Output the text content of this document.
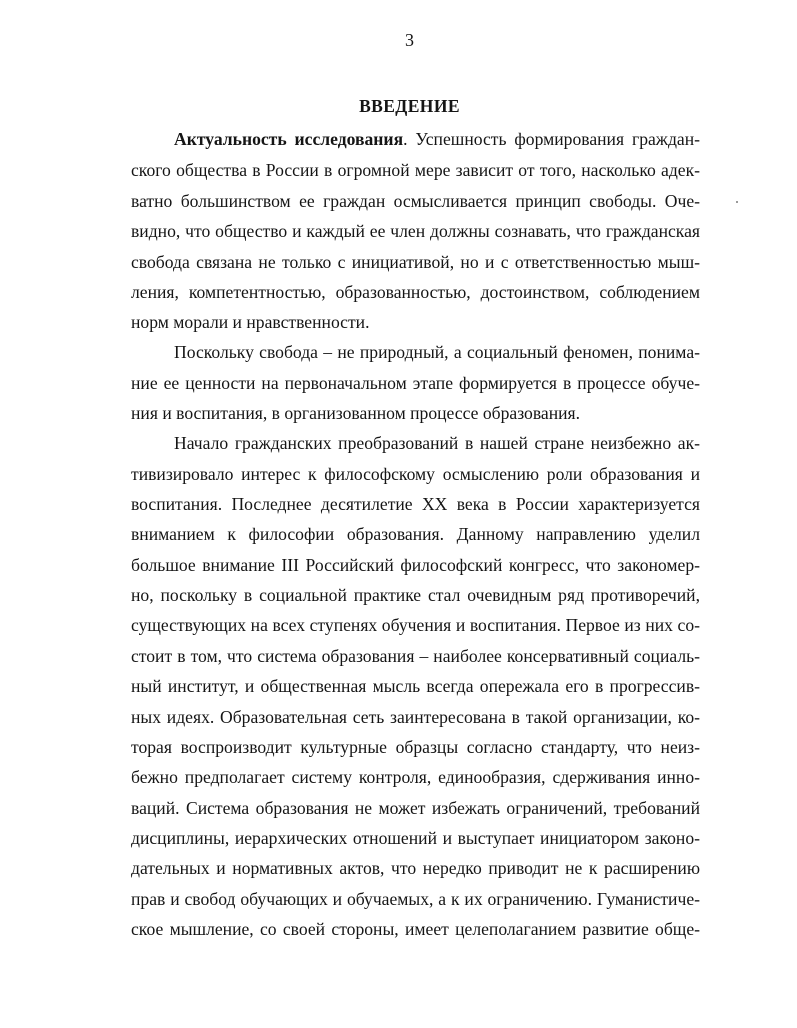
3
ВВЕДЕНИЕ
Актуальность исследования. Успешность формирования граждан-
ского общества в России в огромной мере зависит от того, насколько адек-
ватно большинством ее граждан осмысливается принцип свободы. Оче-
видно, что общество и каждый ее член должны сознавать, что гражданская
свобода связана не только с инициативой, но и с ответственностью мыш-
ления, компетентностью, образованностью, достоинством, соблюдением
норм морали и нравственности.
Поскольку свобода – не природный, а социальный феномен, понима-
ние ее ценности на первоначальном этапе формируется в процессе обуче-
ния и воспитания, в организованном процессе образования.
Начало гражданских преобразований в нашей стране неизбежно ак-
тивизировало интерес к философскому осмыслению роли образования и
воспитания. Последнее десятилетие XX века в России характеризуется
вниманием к философии образования. Данному направлению уделил
большое внимание III Российский философский конгресс, что закономер-
но, поскольку в социальной практике стал очевидным ряд противоречий,
существующих на всех ступенях обучения и воспитания. Первое из них со-
стоит в том, что система образования – наиболее консервативный социаль-
ный институт, и общественная мысль всегда опережала его в прогрессив-
ных идеях. Образовательная сеть заинтересована в такой организации, ко-
торая воспроизводит культурные образцы согласно стандарту, что неиз-
бежно предполагает систему контроля, единообразия, сдерживания инно-
ваций. Система образования не может избежать ограничений, требований
дисциплины, иерархических отношений и выступает инициатором законо-
дательных и нормативных актов, что нередко приводит не к расширению
прав и свобод обучающих и обучаемых, а к их ограничению. Гуманистиче-
ское мышление, со своей стороны, имеет целеполаганием развитие обще-
